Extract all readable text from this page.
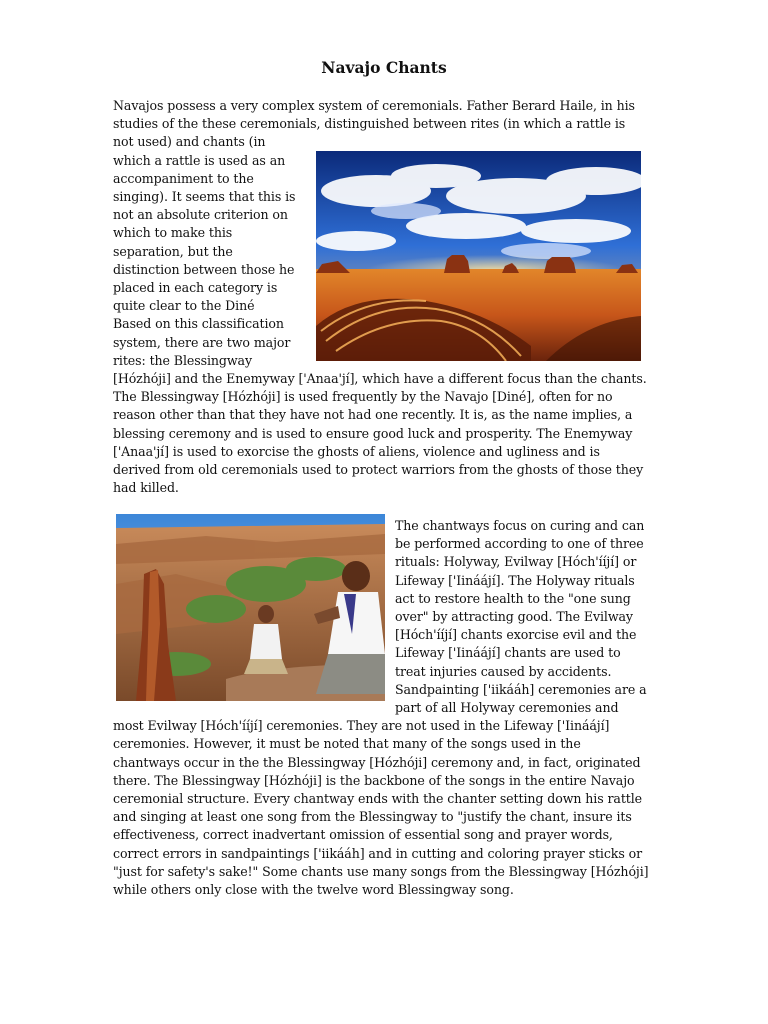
Navajo Chants

Navajos possess a very complex system of ceremonials. Father Berard Haile, in his

studies of the these ceremonials, distinguished between rites (in which a rattle is

not used) and chants (in

which a rattle is used as an

accompaniment to the

singing). It seems that this is

not an absolute criterion on

which to make this

separation, but the

distinction between those he

placed in each category is

quite clear to the Diné

Based on this classification

system, there are two major

rites: the Blessingway

[Hózhóji] and the Enemyway ['Anaa'jí], which have a different focus than the chants.

The Blessingway [Hózhóji] is used frequently by the Navajo [Diné], often for no

reason other than that they have not had one recently. It is, as the name implies, a

blessing ceremony and is used to ensure good luck and prosperity. The Enemyway

['Anaa'jí] is used to exorcise the ghosts of aliens, violence and ugliness and is

derived from old ceremonials used to protect warriors from the ghosts of those they

had killed.

The chantways focus on curing and can

be performed according to one of three

rituals: Holyway, Evilway [Hóch'ííjí] or

Lifeway ['Iináájí]. The Holyway rituals

act to restore health to the "one sung

over" by attracting good. The Evilway

[Hóch'ííjí] chants exorcise evil and the

Lifeway ['Iináájí] chants are used to

treat injuries caused by accidents.

Sandpainting ['iikááh] ceremonies are a

part of all Holyway ceremonies and

most Evilway [Hóch'ííjí] ceremonies. They are not used in the Lifeway ['Iináájí]

ceremonies. However, it must be noted that many of the songs used in the

chantways occur in the the Blessingway [Hózhóji] ceremony and, in fact, originated

there. The Blessingway [Hózhóji] is the backbone of the songs in the entire Navajo

ceremonial structure. Every chantway ends with the chanter setting down his rattle

and singing at least one song from the Blessingway to "justify the chant, insure its

effectiveness, correct inadvertant omission of essential song and prayer words,

correct errors in sandpaintings ['iikááh] and in cutting and coloring prayer sticks or

"just for safety's sake!" Some chants use many songs from the Blessingway [Hózhóji]

while others only close with the twelve word Blessingway song.
